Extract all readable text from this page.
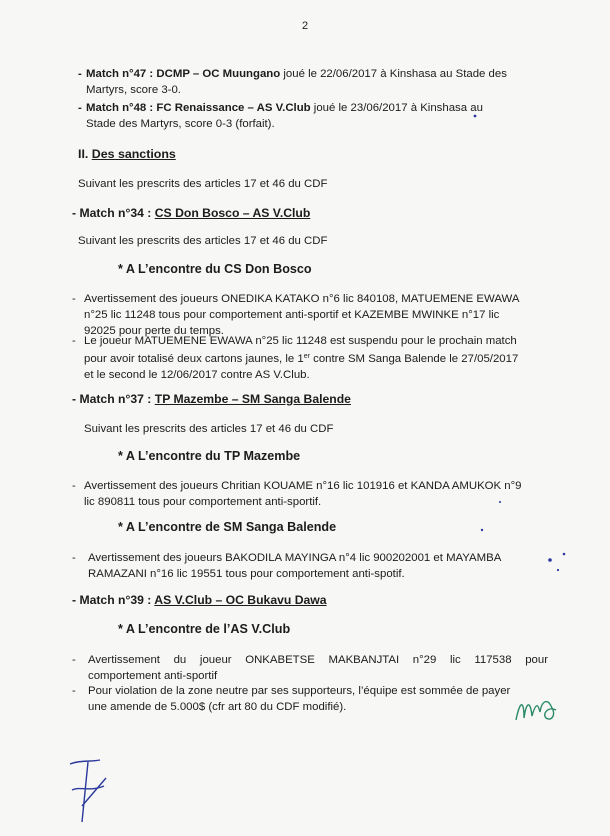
2
- Match n°47 : DCMP – OC Muungano joué le 22/06/2017 à Kinshasa au Stade des
Martyrs, score 3-0.
- Match n°48 : FC Renaissance – AS V.Club joué le 23/06/2017 à Kinshasa au
Stade des Martyrs, score 0-3 (forfait).
II. Des sanctions
Suivant les prescrits des articles 17 et 46 du CDF
- Match n°34 : CS Don Bosco – AS V.Club
Suivant les prescrits des articles 17 et 46 du CDF
* A L’encontre du CS Don Bosco
- Avertissement des joueurs ONEDIKA KATAKO n°6 lic 840108, MATUEMENE EWAWA
n°25 lic 11248 tous pour comportement anti-sportif et KAZEMBE MWINKE n°17 lic
92025 pour perte du temps.
- Le joueur MATUEMENE EWAWA n°25 lic 11248 est suspendu pour le prochain match
pour avoir totalisé deux cartons jaunes, le 1er contre SM Sanga Balende le 27/05/2017
et le second le 12/06/2017 contre AS V.Club.
- Match n°37 : TP Mazembe – SM Sanga Balende
Suivant les prescrits des articles 17 et 46 du CDF
* A L’encontre du TP Mazembe
- Avertissement des joueurs Chritian KOUAME n°16 lic 101916 et KANDA AMUKOK n°9
lic 890811 tous pour comportement anti-sportif.
* A L’encontre de SM Sanga Balende
- Avertissement des joueurs BAKODILA MAYINGA n°4 lic 900202001 et MAYAMBA
RAMAZANI n°16 lic 19551 tous pour comportement anti-spotif.
- Match n°39 : AS V.Club – OC Bukavu Dawa
* A L’encontre de l’AS V.Club
- Avertissement du joueur ONKABETSE MAKBANJTAI n°29 lic 117538 pour
comportement anti-sportif
- Pour violation de la zone neutre par ses supporteurs, l’équipe est sommée de payer
une amende de 5.000$ (cfr art 80 du CDF modifié).
